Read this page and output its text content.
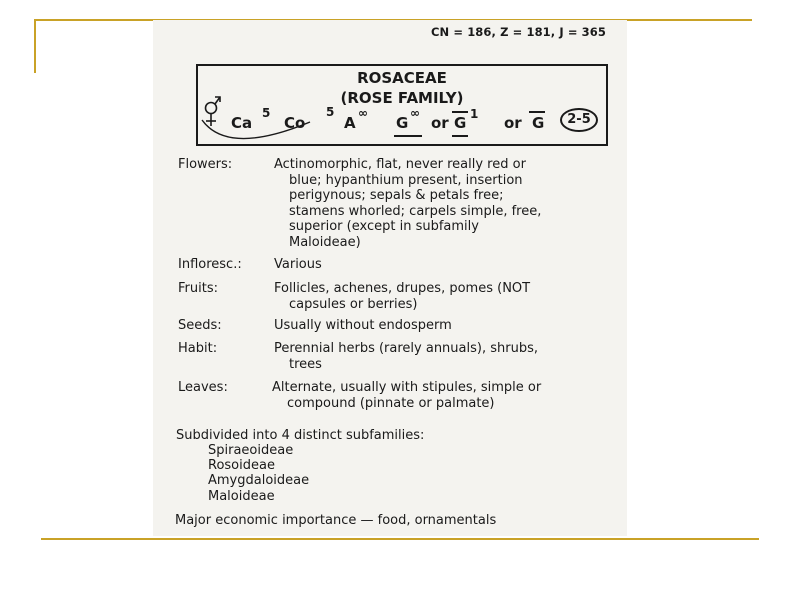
CN = 186, Z = 181, J = 365
ROSACEAE
(ROSE FAMILY)
Ca
5
Co
5
A
∞
G
∞
or G 1 or G	2-5
Flowers:	Actinomorphic, flat, never really red or
blue; hypanthium present, insertion
perigynous; sepals & petals free;
stamens whorled; carpels simple, free,
superior (except in subfamily
Maloideae)
Infloresc.: Various
Fruits:	Follicles, achenes, drupes, pomes (NOT
capsules or berries)
Seeds:	Usually without endosperm
Habit:	Perennial herbs (rarely annuals), shrubs,
trees
Leaves:	Alternate, usually with stipules, simple or
compound (pinnate or palmate)
Subdivided into 4 distinct subfamilies:
Spiraeoideae
Rosoideae
Amygdaloideae
Maloideae
Major economic importance — food, ornamentals
